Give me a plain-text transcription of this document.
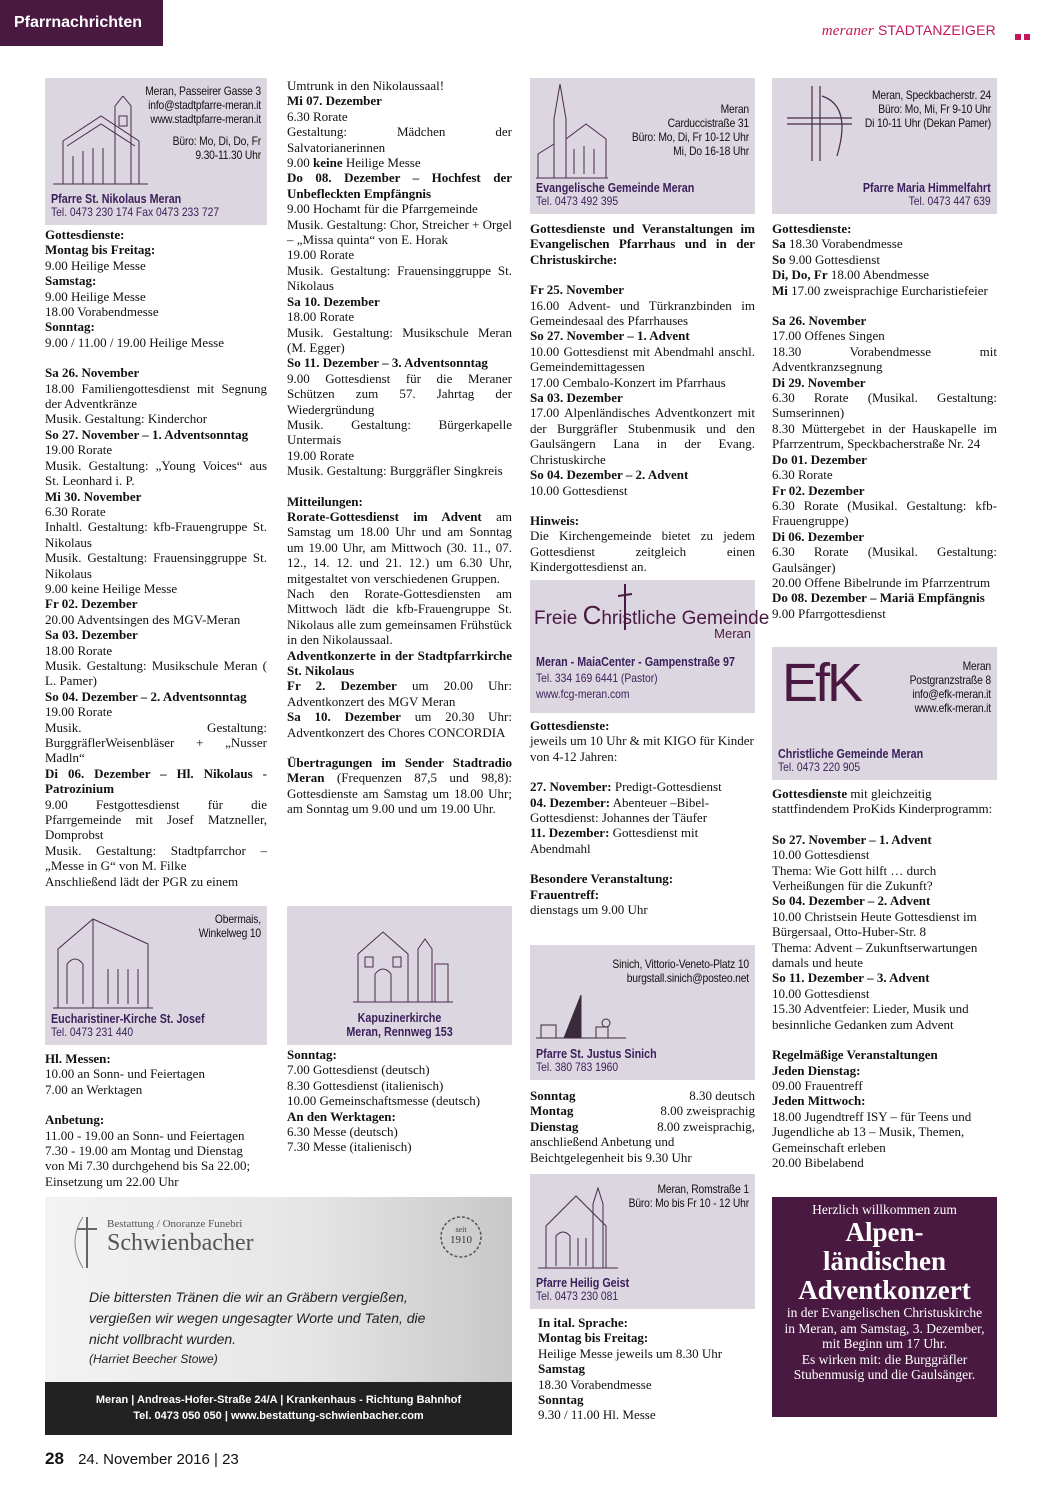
Pfarrnachrichten	meraner STADTANZEIGER
Meran, Passeirer Gasse 3
info@stadtpfarre-meran.it
www.stadtpfarre-meran.it
Büro: Mo, Di, Do, Fr
9.30-11.30 Uhr
Pfarre St. Nikolaus Meran
Tel. 0473 230 174 Fax 0473 233 727

Gottesdienste:

Montag bis Freitag:

9.00 Heilige Messe

Samstag:

9.00 Heilige Messe

18.00 Vorabendmesse

Sonntag:

9.00 / 11.00 / 19.00 Heilige Messe

Sa 26. November

18.00 Familiengottesdienst mit Segnung der Adventkränze

Musik. Gestaltung: Kinderchor

So 27. November – 1. Adventsonntag

19.00 Rorate

Musik. Gestaltung: „Young Voices“ aus St. Leonhard i. P.

Mi 30. November

6.30 Rorate

Inhaltl. Gestaltung: kfb-Frauengruppe St. Nikolaus

Musik. Gestaltung: Frauensinggruppe St. Nikolaus

9.00 keine Heilige Messe

Fr 02. Dezember

20.00 Adventsingen des MGV-Meran

Sa 03. Dezember

18.00 Rorate

Musik. Gestaltung: Musikschule Meran ( L. Pamer)

So 04. Dezember – 2. Adventsonntag

19.00 Rorate

Musik. Gestaltung: BurggräflerWeisenbläser + „Nusser Madln“

Di 06. Dezember – Hl. Nikolaus - Patrozinium

9.00 Festgottesdienst für die Pfarrgemeinde mit Josef Matzneller, Domprobst

Musik. Gestaltung: Stadtpfarrchor – „Messe in G“ von M. Filke

Anschließend lädt der PGR zu einem

Obermais,
Winkelweg 10
Eucharistiner-Kirche St. Josef
Tel. 0473 231 440

Hl. Messen:

10.00 an Sonn- und Feiertagen

7.00 an Werktagen

Anbetung:

11.00 - 19.00 an Sonn- und Feiertagen

7.30 - 19.00 am Montag und Dienstag

von Mi 7.30 durchgehend bis Sa 22.00; Einsetzung um 22.00 Uhr

Umtrunk in den Nikolaussaal!

Mi 07. Dezember

6.30 Rorate

Gestaltung: Mädchen der Salvatorianerinnen

9.00 keine Heilige Messe

Do 08. Dezember – Hochfest der Unbefleckten Empfängnis

9.00 Hochamt für die Pfarrgemeinde

Musik. Gestaltung: Chor, Streicher + Orgel – „Missa quinta“ von E. Horak

19.00 Rorate

Musik. Gestaltung: Frauensinggruppe St. Nikolaus

Sa 10. Dezember

18.00 Rorate

Musik. Gestaltung: Musikschule Meran (M. Egger)

So 11. Dezember – 3. Adventsonntag

9.00 Gottesdienst für die Meraner Schützen zum 57. Jahrtag der Wiedergründung

Musik. Gestaltung: Bürgerkapelle Untermais

19.00 Rorate

Musik. Gestaltung: Burggräfler Singkreis

Mitteilungen:

Rorate-Gottesdienst im Advent am Samstag um 18.00 Uhr und am Sonntag um 19.00 Uhr, am Mittwoch (30. 11., 07. 12., 14. 12. und 21. 12.) um 6.30 Uhr, mitgestaltet von verschiedenen Gruppen.

Nach den Rorate-Gottesdiensten am Mittwoch lädt die kfb-Frauengruppe St. Nikolaus alle zum gemeinsamen Frühstück in den Nikolaussaal.

Adventkonzerte in der Stadtpfarrkirche St. Nikolaus

Fr 2. Dezember um 20.00 Uhr: Adventkonzert des MGV Meran

Sa 10. Dezember um 20.30 Uhr: Adventkonzert des Chores CONCORDIA

Übertragungen im Sender Stadtradio Meran (Frequenzen 87,5 und 98,8): Gottesdienste am Samstag um 18.00 Uhr; am Sonntag um 9.00 und um 19.00 Uhr.

Kapuzinerkirche
Meran, Rennweg 153

Sonntag:

7.00 Gottesdienst (deutsch)

8.30 Gottesdienst (italienisch)

10.00 Gemeinschaftsmesse (deutsch)

An den Werktagen:

6.30 Messe (deutsch)

7.30 Messe (italienisch)

Meran
Carduccistraße 31
Büro: Mo, Di, Fr 10-12 Uhr
Mi, Do 16-18 Uhr
Evangelische Gemeinde Meran
Tel. 0473 492 395

Gottesdienste und Veranstaltungen im Evangelischen Pfarrhaus und in der Christuskirche:

Fr 25. November

16.00 Advent- und Türkranzbinden im Gemeindesaal des Pfarrhauses

So 27. November – 1. Advent

10.00 Gottesdienst mit Abendmahl anschl. Gemeindemittagessen

17.00 Cembalo-Konzert im Pfarrhaus

Sa 03. Dezember

17.00 Alpenländisches Adventkonzert mit der Burggräfler Stubenmusik und den Gaulsängern Lana in der Evang. Christuskirche

So 04. Dezember – 2. Advent

10.00 Gottesdienst

Hinweis:

Die Kirchengemeinde bietet zu jedem Gottesdienst zeitgleich einen Kindergottesdienst an.

Freie Christliche Gemeinde
Meran
Meran - MaiaCenter - Gampenstraße 97
Tel. 334 169 6441 (Pastor)
www.fcg-meran.com

Gottesdienste:

jeweils um 10 Uhr & mit KIGO für Kinder von 4-12 Jahren:

27. November: Predigt-Gottesdienst

04. Dezember: Abenteuer –Bibel-Gottesdienst: Johannes der Täufer

11. Dezember: Gottesdienst mit Abendmahl

Besondere Veranstaltung:

Frauentreff:

dienstags um 9.00 Uhr

Sinich, Vittorio-Veneto-Platz 10
burgstall.sinich@posteo.net
Pfarre St. Justus Sinich
Tel. 380 783 1960
Sonntag	8.30 deutsch
Montag	8.00 zweisprachig
Dienstag	8.00 zweisprachig,

anschließend Anbetung und Beichtgelegenheit bis 9.30 Uhr

Meran, Romstraße 1
Büro: Mo bis Fr 10 - 12 Uhr
Pfarre Heilig Geist
Tel. 0473 230 081

In ital. Sprache:

Montag bis Freitag:

Heilige Messe jeweils um 8.30 Uhr

Samstag

18.30 Vorabendmesse

Sonntag

9.30 / 11.00 Hl. Messe

Meran, Speckbacherstr. 24
Büro: Mo, Mi, Fr 9-10 Uhr
Di 10-11 Uhr (Dekan Pamer)
Pfarre Maria Himmelfahrt
Tel. 0473 447 639

Gottesdienste:

Sa 18.30 Vorabendmesse

So 9.00 Gottesdienst

Di, Do, Fr 18.00 Abendmesse

Mi 17.00 zweisprachige Eurcharistiefeier

Sa 26. November

17.00 Offenes Singen

18.30 Vorabendmesse mit Adventkranzsegnung

Di 29. November

6.30 Rorate (Musikal. Gestaltung: Sumserinnen)

8.30 Müttergebet in der Hauskapelle im Pfarrzentrum, Speckbacherstraße Nr. 24

Do 01. Dezember

6.30 Rorate

Fr 02. Dezember

6.30 Rorate (Musikal. Gestaltung: kfb-Frauengruppe)

Di 06. Dezember

6.30 Rorate (Musikal. Gestaltung: Gaulsänger)

20.00 Offene Bibelrunde im Pfarrzentrum

Do 08. Dezember – Mariä Empfängnis

9.00 Pfarrgottesdienst

EfK	Meran
Postgranzstraße 8
info@efk-meran.it
www.efk-meran.it
Christliche Gemeinde Meran
Tel. 0473 220 905

Gottesdienste mit gleichzeitig stattfindendem ProKids Kinderprogramm:

So 27. November – 1. Advent

10.00 Gottesdienst

Thema: Wie Gott hilft … durch Verheißungen für die Zukunft?

So 04. Dezember – 2. Advent

10.00 Christsein Heute Gottesdienst im Bürgersaal, Otto-Huber-Str. 8

Thema: Advent – Zukunftserwartungen damals und heute

So 11. Dezember – 3. Advent

10.00 Gottesdienst

15.30 Adventfeier: Lieder, Musik und besinnliche Gedanken zum Advent

Regelmäßige Veranstaltungen

Jeden Dienstag:

09.00 Frauentreff

Jeden Mittwoch:

18.00 Jugendtreff ISY – für Teens und Jugendliche ab 13 – Musik, Themen, Gemeinschaft erleben

20.00 Bibelabend

Bestattung / Onoranze Funebri
Schwienbacher
seit
1910
Die bittersten Tränen die wir an Gräbern vergießen, vergießen wir wegen ungesagter Worte und Taten, die nicht vollbracht wurden.
(Harriet Beecher Stowe)
Meran | Andreas-Hofer-Straße 24/A | Krankenhaus - Richtung Bahnhof
Tel. 0473 050 050 | www.bestattung-schwienbacher.com
Herzlich willkommen zum
Alpen-
ländischen
Adventkonzert
in der Evangelischen Christuskirche in Meran, am Samstag, 3. Dezember, mit Beginn um 17 Uhr.
Es wirken mit: die Burggräfler Stubenmusig und die Gaulsänger.
28 24. November 2016 | 23
